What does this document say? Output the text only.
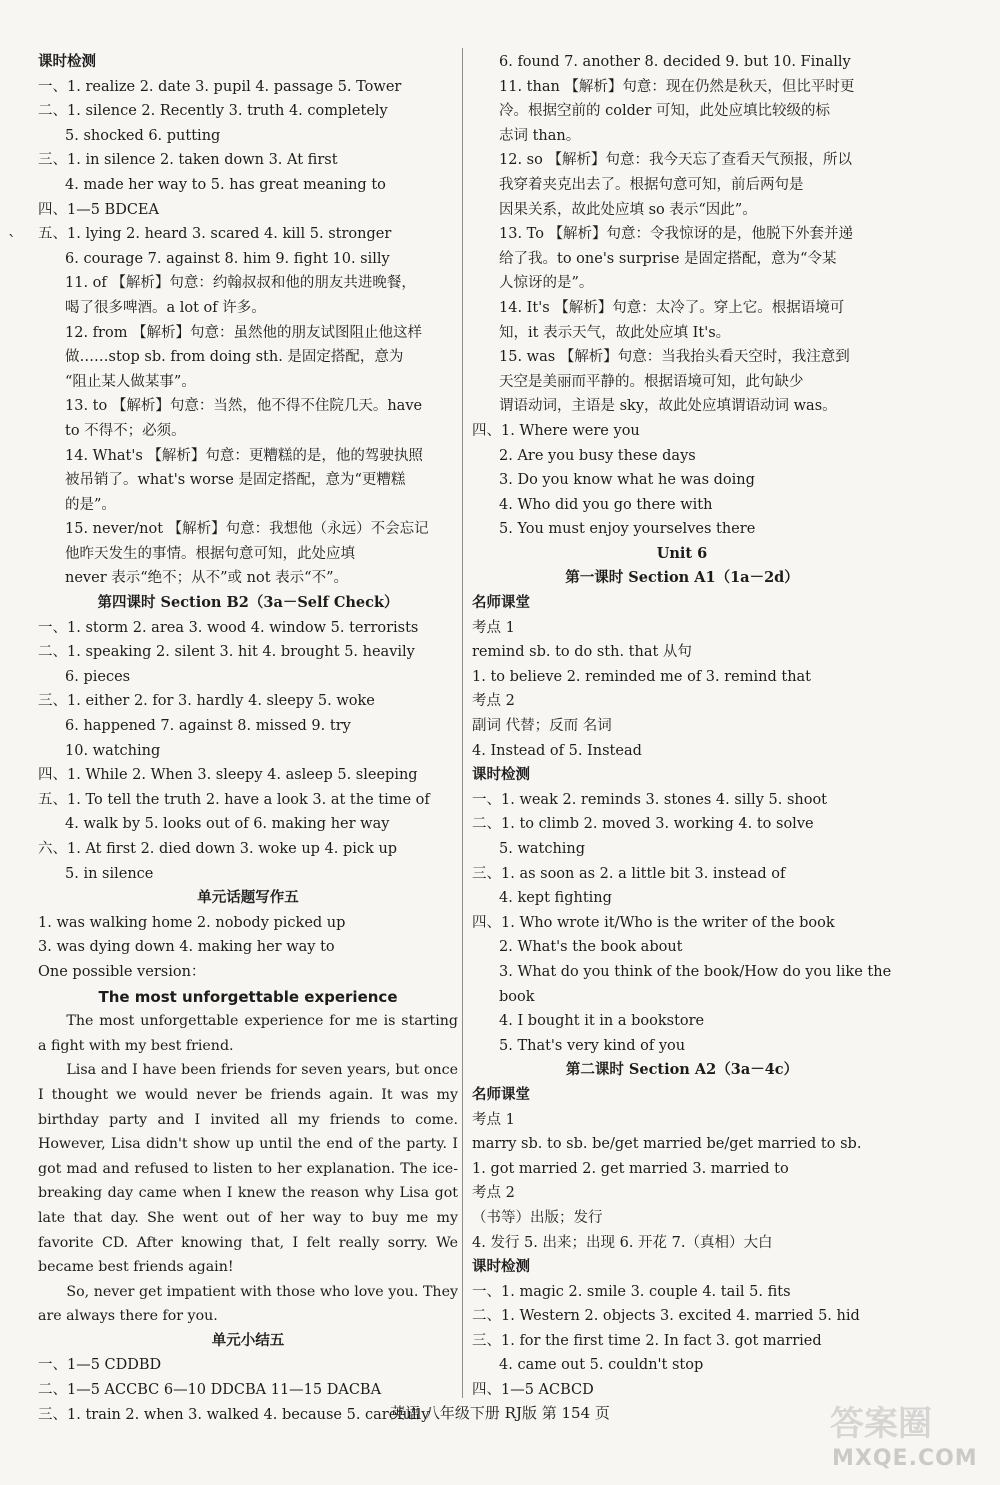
`
课时检测
一、1. realize 2. date 3. pupil 4. passage 5. Tower
二、1. silence 2. Recently 3. truth 4. completely
5. shocked 6. putting
三、1. in silence 2. taken down 3. At first
4. made her way to 5. has great meaning to
四、1—5 BDCEA
五、1. lying 2. heard 3. scared 4. kill 5. stronger
6. courage 7. against 8. him 9. fight 10. silly
11. of 【解析】句意：约翰叔叔和他的朋友共进晚餐，
喝了很多啤酒。a lot of 许多。
12. from 【解析】句意：虽然他的朋友试图阻止他这样
做……stop sb. from doing sth. 是固定搭配，意为
“阻止某人做某事”。
13. to 【解析】句意：当然，他不得不住院几天。have
to 不得不；必须。
14. What's 【解析】句意：更糟糕的是，他的驾驶执照
被吊销了。what's worse 是固定搭配，意为“更糟糕
的是”。
15. never/not 【解析】句意：我想他（永远）不会忘记
他昨天发生的事情。根据句意可知，此处应填
never 表示“绝不；从不”或 not 表示“不”。
第四课时 Section B2（3a－Self Check）
一、1. storm 2. area 3. wood 4. window 5. terrorists
二、1. speaking 2. silent 3. hit 4. brought 5. heavily
6. pieces
三、1. either 2. for 3. hardly 4. sleepy 5. woke
6. happened 7. against 8. missed 9. try
10. watching
四、1. While 2. When 3. sleepy 4. asleep 5. sleeping
五、1. To tell the truth 2. have a look 3. at the time of
4. walk by 5. looks out of 6. making her way
六、1. At first 2. died down 3. woke up 4. pick up
5. in silence
单元话题写作五
1. was walking home 2. nobody picked up
3. was dying down 4. making her way to
One possible version：
The most unforgettable experience

The most unforgettable experience for me is starting a fight with my best friend.

Lisa and I have been friends for seven years, but once I thought we would never be friends again. It was my birthday party and I invited all my friends to come. However, Lisa didn't show up until the end of the party. I got mad and refused to listen to her explanation. The ice-breaking day came when I knew the reason why Lisa got late that day. She went out of her way to buy me my favorite CD. After knowing that, I felt really sorry. We became best friends again!

So, never get impatient with those who love you. They are always there for you.

单元小结五
一、1—5 CDDBD
二、1—5 ACCBC 6—10 DDCBA 11—15 DACBA
三、1. train 2. when 3. walked 4. because 5. carefully
6. found 7. another 8. decided 9. but 10. Finally
11. than 【解析】句意：现在仍然是秋天，但比平时更
冷。根据空前的 colder 可知，此处应填比较级的标
志词 than。
12. so 【解析】句意：我今天忘了查看天气预报，所以
我穿着夹克出去了。根据句意可知，前后两句是
因果关系，故此处应填 so 表示“因此”。
13. To 【解析】句意：令我惊讶的是，他脱下外套并递
给了我。to one's surprise 是固定搭配，意为“令某
人惊讶的是”。
14. It's 【解析】句意：太冷了。穿上它。根据语境可
知，it 表示天气，故此处应填 It's。
15. was 【解析】句意：当我抬头看天空时，我注意到
天空是美丽而平静的。根据语境可知，此句缺少
谓语动词，主语是 sky，故此处应填谓语动词 was。
四、1. Where were you
2. Are you busy these days
3. Do you know what he was doing
4. Who did you go there with
5. You must enjoy yourselves there
Unit 6
第一课时 Section A1（1a－2d）
名师课堂
考点 1
remind sb. to do sth. that 从句
1. to believe 2. reminded me of 3. remind that
考点 2
副词 代替；反而 名词
4. Instead of 5. Instead
课时检测
一、1. weak 2. reminds 3. stones 4. silly 5. shoot
二、1. to climb 2. moved 3. working 4. to solve
5. watching
三、1. as soon as 2. a little bit 3. instead of
4. kept fighting
四、1. Who wrote it/Who is the writer of the book
2. What's the book about
3. What do you think of the book/How do you like the
book
4. I bought it in a bookstore
5. That's very kind of you
第二课时 Section A2（3a－4c）
名师课堂
考点 1
marry sb. to sb. be/get married be/get married to sb.
1. got married 2. get married 3. married to
考点 2
（书等）出版；发行
4. 发行 5. 出来；出现 6. 开花 7.（真相）大白
课时检测
一、1. magic 2. smile 3. couple 4. tail 5. fits
二、1. Western 2. objects 3. excited 4. married 5. hid
三、1. for the first time 2. In fact 3. got married
4. came out 5. couldn't stop
四、1—5 ACBCD
英语 八年级下册 RJ版 第 154 页	答案圈
MXQE.COM
